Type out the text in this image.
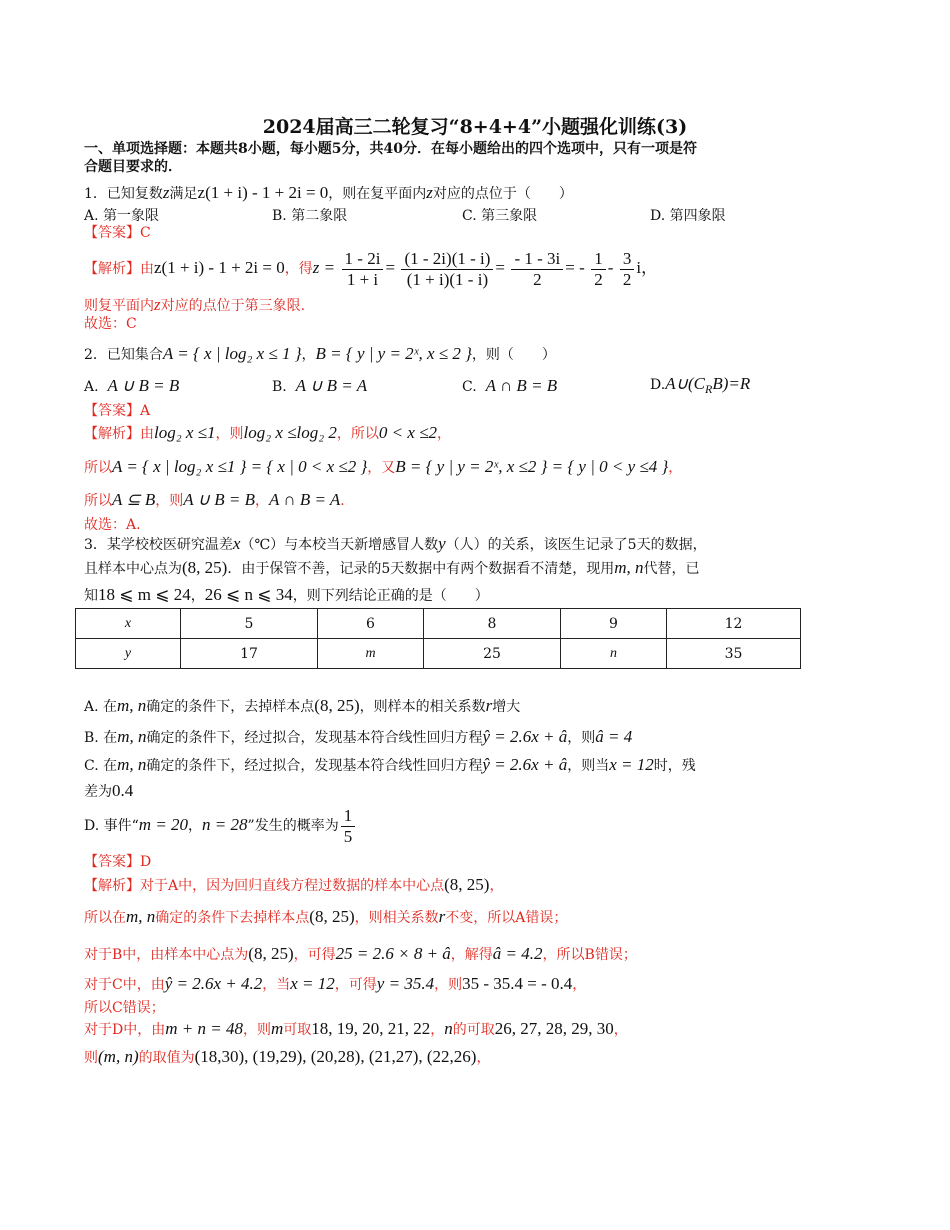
2024届高三二轮复习“8+4+4”小题强化训练(3)
一、单项选择题：本题共8小题，每小题5分，共40分．在每小题给出的四个选项中，只有一项是符
合题目要求的．
1．已知复数z满足z(1 + i) - 1 + 2i = 0，则在复平面内z对应的点位于（　　）
A. 第一象限	B. 第二象限	C. 第三象限	D. 第四象限
【答案】C
【解析】由z(1 + i) - 1 + 2i = 0，得$z = \frac{1 - 2i}{1 + i} = \frac{(1 - 2i)(1 - i)}{(1 + i)(1 - i)} = \frac{- 1 - 3i}{2}$ = - $\frac{1}{2} - \frac{3}{2}$ i，
则复平面内z对应的点位于第三象限.
故选：C
2．已知集合A = { x | log₂ x ≤ 1 }，B = { y | y = 2ˣ, x ≤ 2 }，则（　　）
A. A ∪ B = B	B. A ∪ B = A	C. A ∩ B = B	$D.A\cup(C_RB)=R$
【答案】A
【解析】由log₂ x ≤1，则log₂ x ≤log₂ 2，所以0 < x ≤2，
所以A = { x | log₂ x ≤1 } = { x | 0 < x ≤2 }，又B = { y | y = 2ˣ, x ≤2 } = { y | 0 < y ≤4 }，
所以A ⊆ B，则A ∪ B = B，A ∩ B = A.
故选：A.
3．某学校校医研究温差x（℃）与本校当天新增感冒人数y（人）的关系，该医生记录了5天的数据，
且样本中心点为(8, 25)．由于保管不善，记录的5天数据中有两个数据看不清楚，现用m, n代替，已
知18 ⩽ m ⩽ 24，26 ⩽ n ⩽ 34，则下列结论正确的是（　　）
x	5	6	8	9	12
y	17	m	25	n	35
A. 在m, n确定的条件下，去掉样本点(8, 25)，则样本的相关系数r增大
B. 在m, n确定的条件下，经过拟合，发现基本符合线性回归方程ŷ = 2.6x + â，则â = 4
C. 在m, n确定的条件下，经过拟合，发现基本符合线性回归方程ŷ = 2.6x + â，则当x = 12时，残
差为0.4
D. 事件“m = 20，n = 28”发生的概率为 $\frac{1}{5}$
【答案】D
【解析】对于A中，因为回归直线方程过数据的样本中心点(8, 25)，
所以在m, n确定的条件下去掉样本点(8, 25)，则相关系数r不变，所以A错误；
对于B中，由样本中心点为(8, 25)，可得25 = 2.6 × 8 + â，解得â = 4.2，所以B错误；
对于C中，由ŷ = 2.6x + 4.2，当x = 12，可得y = 35.4，则35 - 35.4 = - 0.4，
所以C错误；
对于D中，由m + n = 48，则m可取18, 19, 20, 21, 22，n的可取26, 27, 28, 29, 30，
则(m, n)的取值为(18,30), (19,29), (20,28), (21,27), (22,26)，
